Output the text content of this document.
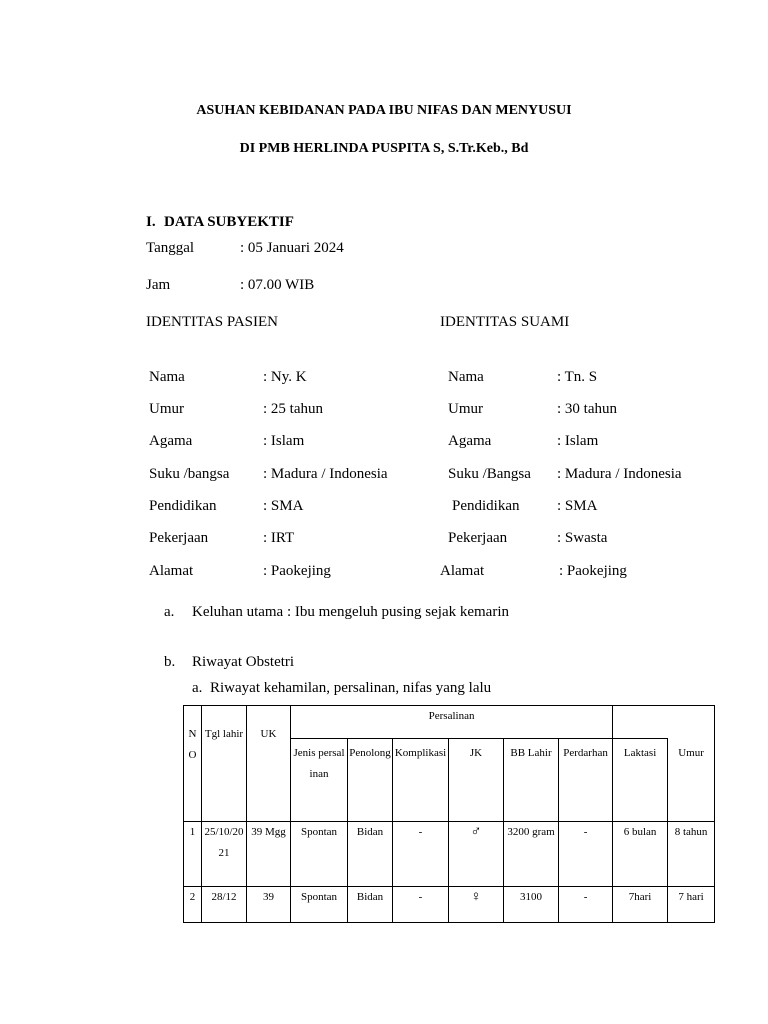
ASUHAN KEBIDANAN PADA IBU NIFAS DAN MENYUSUI
DI PMB HERLINDA PUSPITA S, S.Tr.Keb., Bd
I. DATA SUBYEKTIF
Tanggal	: 05 Januari 2024
Jam	: 07.00 WIB
IDENTITAS PASIEN	IDENTITAS SUAMI
Nama	: Ny. K
Umur	: 25 tahun
Agama	: Islam
Suku /bangsa : Madura / Indonesia
Pendidikan	: SMA
Pekerjaan	: IRT
Alamat	: Paokejing
Nama	: Tn. S
Umur	: 30 tahun
Agama	: Islam
Suku /Bangsa : Madura / Indonesia
Pendidikan	: SMA
Pekerjaan	: Swasta
Alamat	: Paokejing
a. Keluhan utama : Ibu mengeluh pusing sejak kemarin
b. Riwayat Obstetri
a. Riwayat kehamilan, persalinan, nifas yang lalu
N O	Tgl lahir	UK	Persalinan							
			Jenis persalinan	Penolong	Komplikasi	JK	BB Lahir	Perdarhan	Laktasi	Umur
1	25/10/2021	39 Mgg	Spontan	Bidan	-	♂	3200 gram	-	6 bulan	8 tahun
2	28/12	39	Spontan	Bidan	-	♀	3100	-	7hari	7 hari
